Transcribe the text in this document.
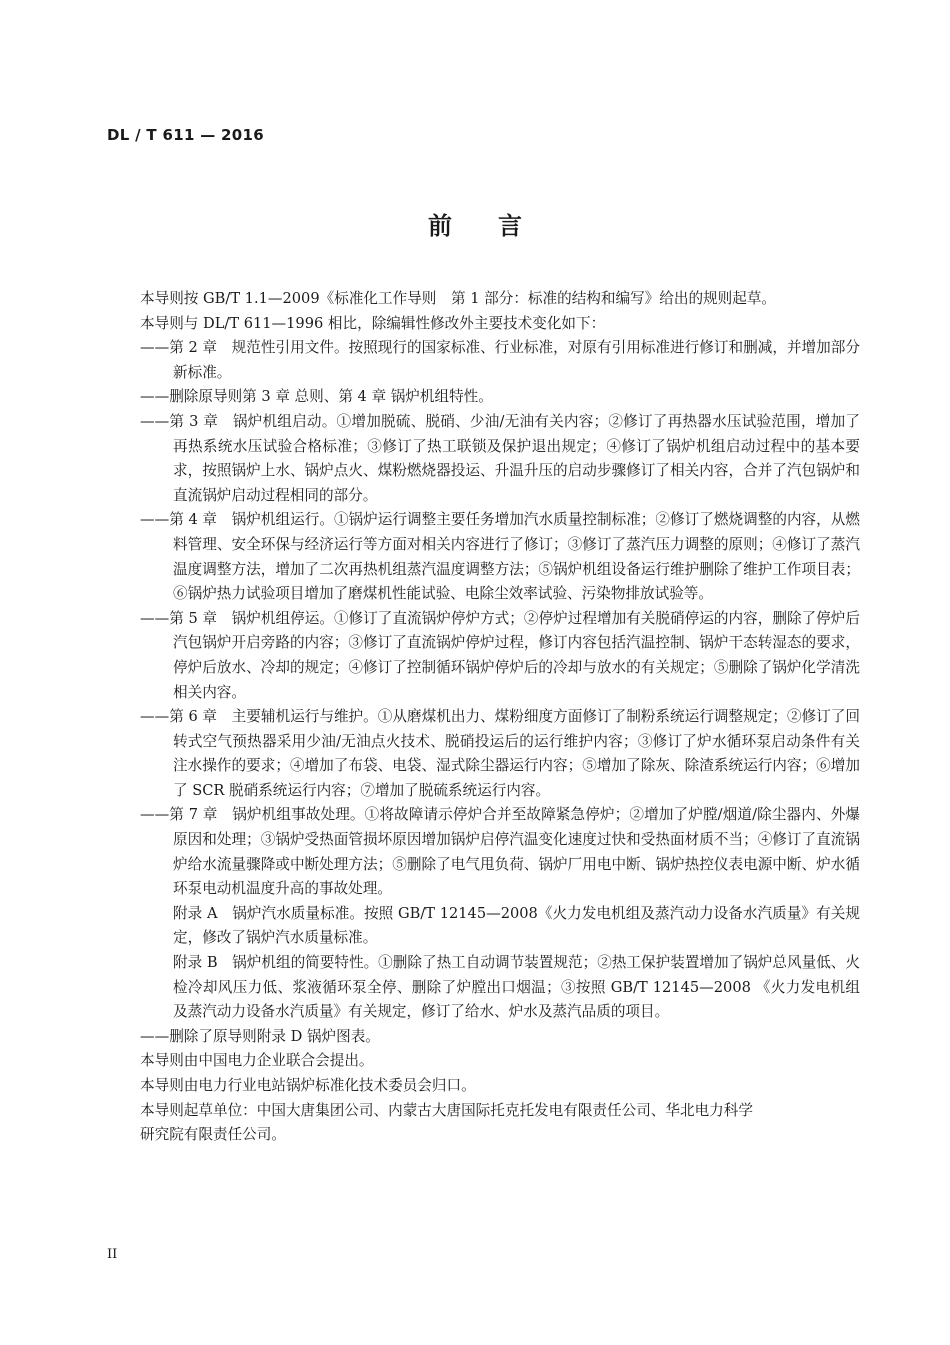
DL / T 611 — 2016
前言

本导则按 GB/T 1.1—2009《标准化工作导则　第 1 部分：标准的结构和编写》给出的规则起草。

本导则与 DL/T 611—1996 相比，除编辑性修改外主要技术变化如下：

——第 2 章　规范性引用文件。按照现行的国家标准、行业标准，对原有引用标准进行修订和删减，并增加部分新标准。

——删除原导则第 3 章 总则、第 4 章 锅炉机组特性。

——第 3 章　锅炉机组启动。①增加脱硫、脱硝、少油/无油有关内容；②修订了再热器水压试验范围，增加了再热系统水压试验合格标准；③修订了热工联锁及保护退出规定；④修订了锅炉机组启动过程中的基本要求，按照锅炉上水、锅炉点火、煤粉燃烧器投运、升温升压的启动步骤修订了相关内容，合并了汽包锅炉和直流锅炉启动过程相同的部分。

——第 4 章　锅炉机组运行。①锅炉运行调整主要任务增加汽水质量控制标准；②修订了燃烧调整的内容，从燃料管理、安全环保与经济运行等方面对相关内容进行了修订；③修订了蒸汽压力调整的原则；④修订了蒸汽温度调整方法，增加了二次再热机组蒸汽温度调整方法；⑤锅炉机组设备运行维护删除了维护工作项目表；⑥锅炉热力试验项目增加了磨煤机性能试验、电除尘效率试验、污染物排放试验等。

——第 5 章　锅炉机组停运。①修订了直流锅炉停炉方式；②停炉过程增加有关脱硝停运的内容，删除了停炉后汽包锅炉开启旁路的内容；③修订了直流锅炉停炉过程，修订内容包括汽温控制、锅炉干态转湿态的要求，停炉后放水、冷却的规定；④修订了控制循环锅炉停炉后的冷却与放水的有关规定；⑤删除了锅炉化学清洗相关内容。

——第 6 章　主要辅机运行与维护。①从磨煤机出力、煤粉细度方面修订了制粉系统运行调整规定；②修订了回转式空气预热器采用少油/无油点火技术、脱硝投运后的运行维护内容；③修订了炉水循环泵启动条件有关注水操作的要求；④增加了布袋、电袋、湿式除尘器运行内容；⑤增加了除灰、除渣系统运行内容；⑥增加了 SCR 脱硝系统运行内容；⑦增加了脱硫系统运行内容。

——第 7 章　锅炉机组事故处理。①将故障请示停炉合并至故障紧急停炉；②增加了炉膛/烟道/除尘器内、外爆原因和处理；③锅炉受热面管损坏原因增加锅炉启停汽温变化速度过快和受热面材质不当；④修订了直流锅炉给水流量骤降或中断处理方法；⑤删除了电气甩负荷、锅炉厂用电中断、锅炉热控仪表电源中断、炉水循环泵电动机温度升高的事故处理。

附录 A　锅炉汽水质量标准。按照 GB/T 12145—2008《火力发电机组及蒸汽动力设备水汽质量》有关规定，修改了锅炉汽水质量标准。

附录 B　锅炉机组的简要特性。①删除了热工自动调节装置规范；②热工保护装置增加了锅炉总风量低、火检冷却风压力低、浆液循环泵全停、删除了炉膛出口烟温；③按照 GB/T 12145—2008 《火力发电机组及蒸汽动力设备水汽质量》有关规定，修订了给水、炉水及蒸汽品质的项目。

——删除了原导则附录 D 锅炉图表。

本导则由中国电力企业联合会提出。

本导则由电力行业电站锅炉标准化技术委员会归口。

本导则起草单位：中国大唐集团公司、内蒙古大唐国际托克托发电有限责任公司、华北电力科学

研究院有限责任公司。

II
